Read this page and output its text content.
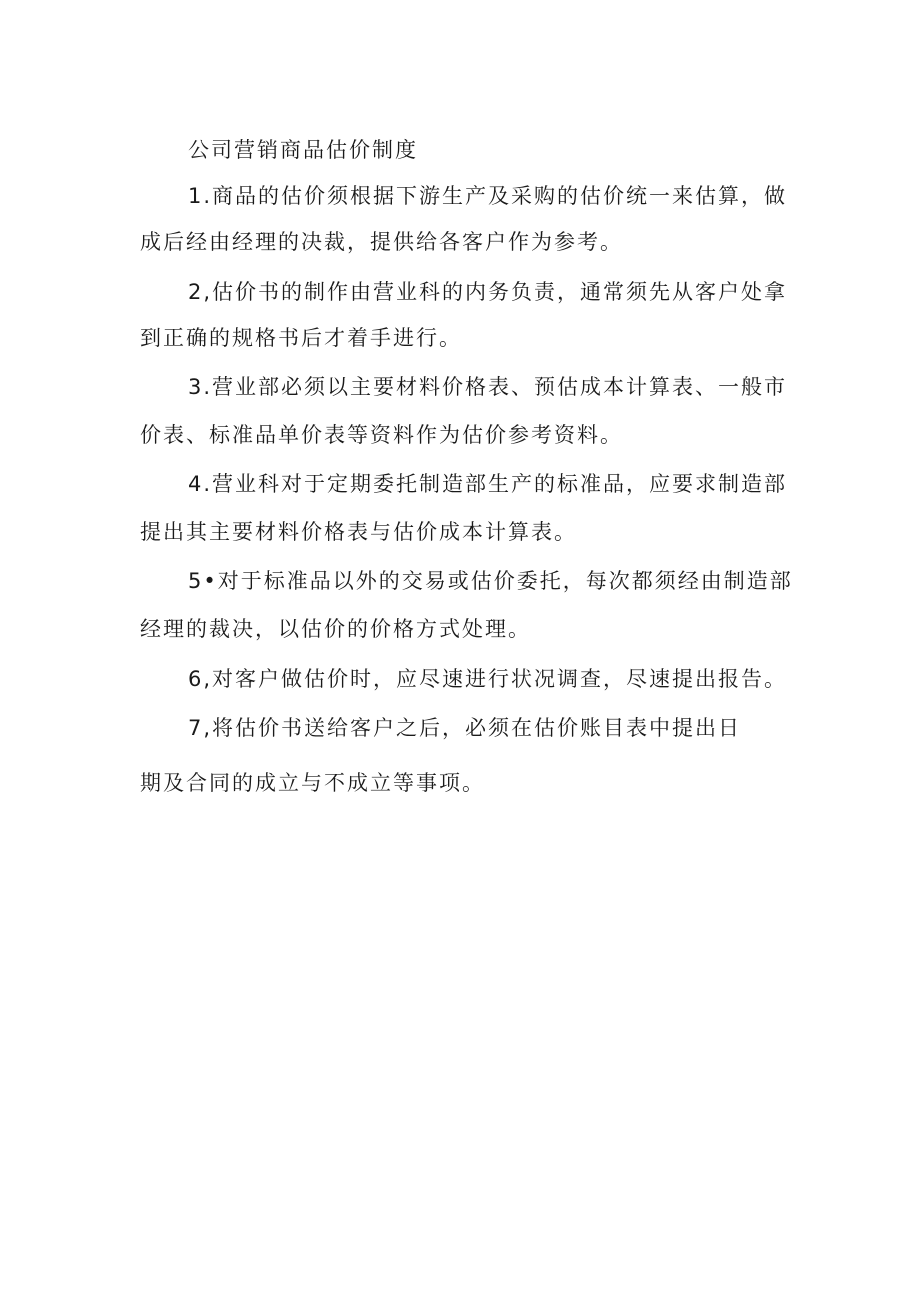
公司营销商品估价制度
1.商品的估价须根据下游生产及采购的估价统一来估算，做
成后经由经理的决裁，提供给各客户作为参考。
2,估价书的制作由营业科的内务负责，通常须先从客户处拿
到正确的规格书后才着手进行。
3.营业部必须以主要材料价格表、预估成本计算表、一般市
价表、标准品单价表等资料作为估价参考资料。
4.营业科对于定期委托制造部生产的标准品，应要求制造部
提出其主要材料价格表与估价成本计算表。
5•对于标准品以外的交易或估价委托，每次都须经由制造部
经理的裁决，以估价的价格方式处理。
6,对客户做估价时，应尽速进行状况调查，尽速提出报告。
7,将估价书送给客户之后，必须在估价账目表中提出日
期及合同的成立与不成立等事项。
